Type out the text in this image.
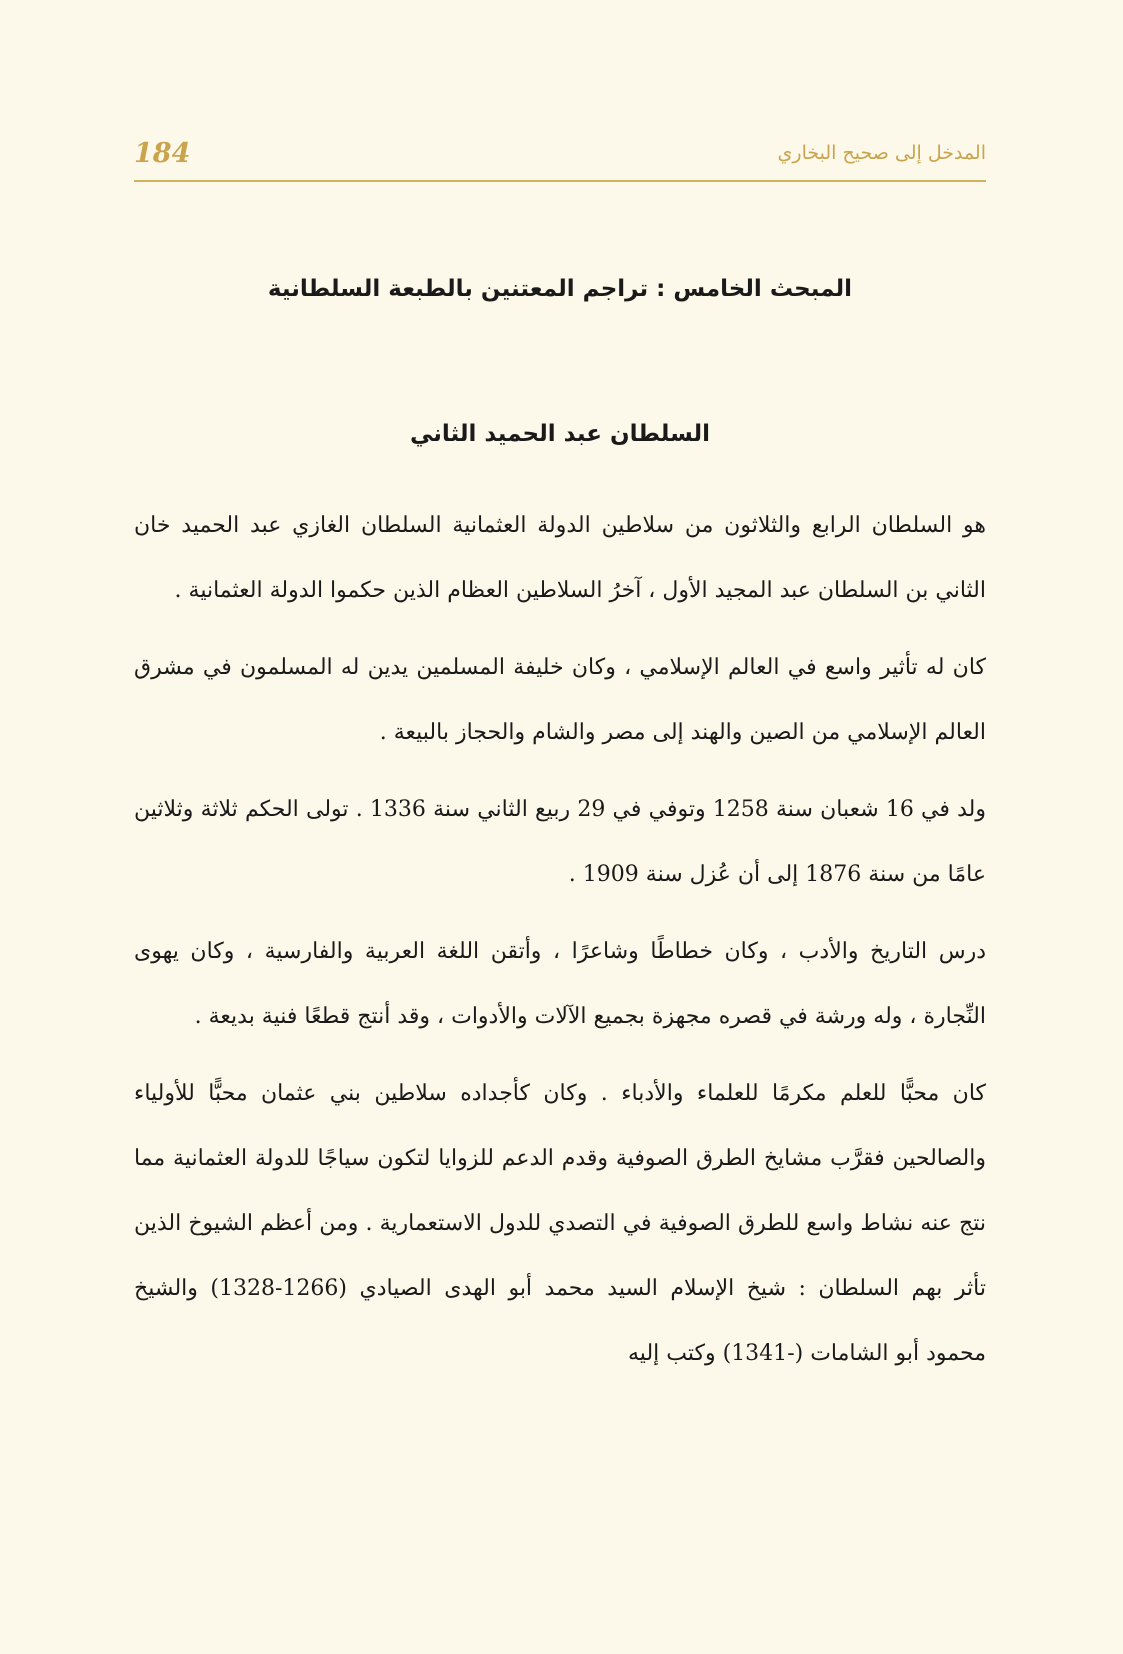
184	المدخل إلى صحيح البخاري
المبحث الخامس : تراجم المعتنين بالطبعة السلطانية
السلطان عبد الحميد الثاني

هو السلطان الرابع والثلاثون من سلاطين الدولة العثمانية السلطان الغازي عبد الحميد خان الثاني بن السلطان عبد المجيد الأول ، آخرُ السلاطين العظام الذين حكموا الدولة العثمانية .

كان له تأثير واسع في العالم الإسلامي ، وكان خليفة المسلمين يدين له المسلمون في مشرق العالم الإسلامي من الصين والهند إلى مصر والشام والحجاز بالبيعة .

ولد في 16 شعبان سنة 1258 وتوفي في 29 ربيع الثاني سنة 1336 . تولى الحكم ثلاثة وثلاثين عامًا من سنة 1876 إلى أن عُزل سنة 1909 .

درس التاريخ والأدب ، وكان خطاطًا وشاعرًا ، وأتقن اللغة العربية والفارسية ، وكان يهوى النِّجارة ، وله ورشة في قصره مجهزة بجميع الآلات والأدوات ، وقد أنتج قطعًا فنية بديعة .

كان محبًّا للعلم مكرمًا للعلماء والأدباء . وكان كأجداده سلاطين بني عثمان محبًّا للأولياء والصالحين فقرَّب مشايخ الطرق الصوفية وقدم الدعم للزوايا لتكون سياجًا للدولة العثمانية مما نتج عنه نشاط واسع للطرق الصوفية في التصدي للدول الاستعمارية . ومن أعظم الشيوخ الذين تأثر بهم السلطان : شيخ الإسلام السيد محمد أبو الهدى الصيادي (1266-1328) والشيخ محمود أبو الشامات (-1341) وكتب إليه
